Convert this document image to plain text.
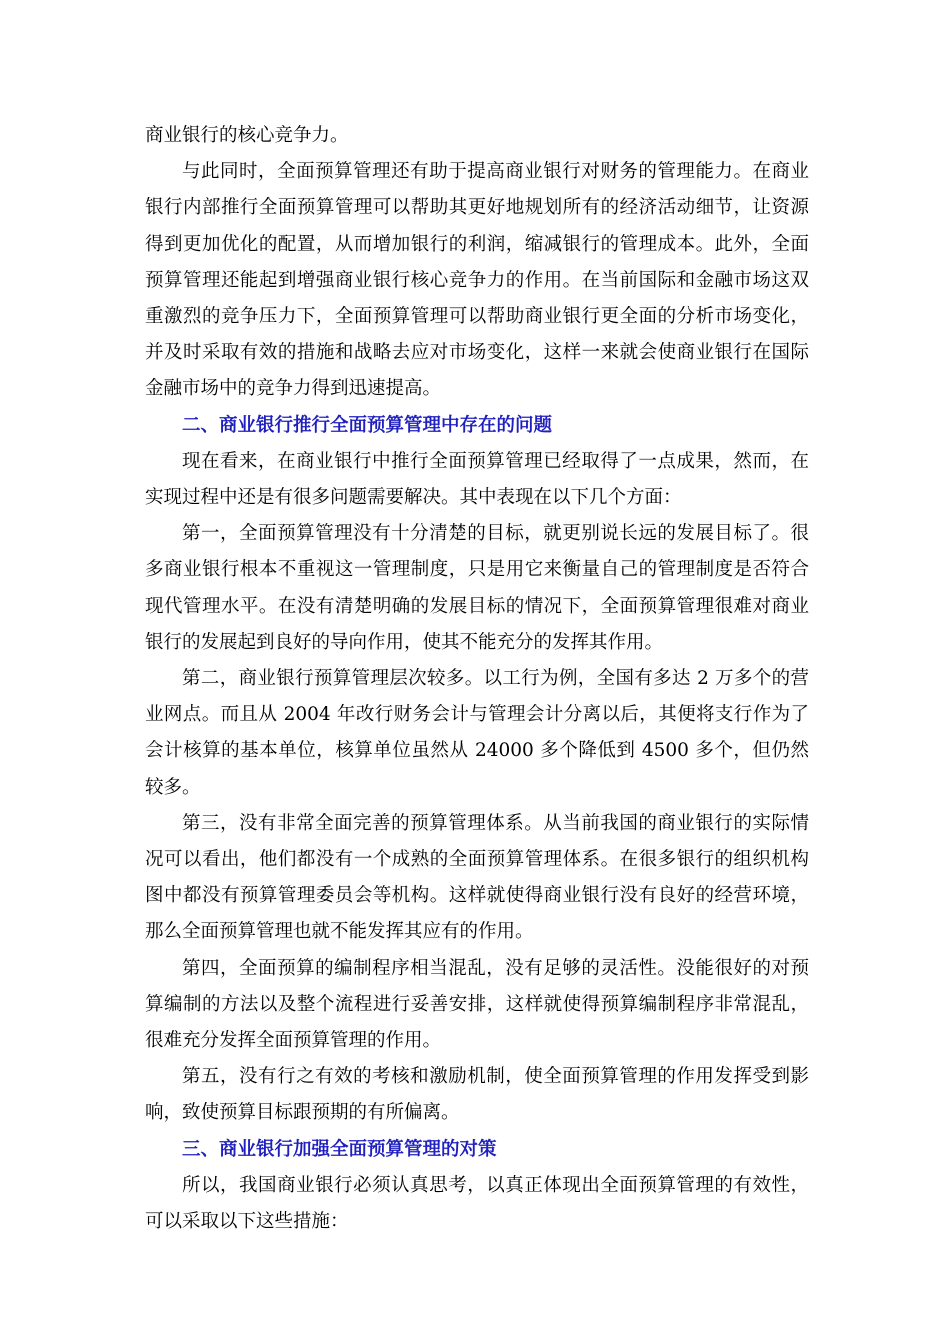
商业银行的核心竞争力。

与此同时，全面预算管理还有助于提高商业银行对财务的管理能力。在商业银行内部推行全面预算管理可以帮助其更好地规划所有的经济活动细节，让资源得到更加优化的配置，从而增加银行的利润，缩减银行的管理成本。此外，全面预算管理还能起到增强商业银行核心竞争力的作用。在当前国际和金融市场这双重激烈的竞争压力下，全面预算管理可以帮助商业银行更全面的分析市场变化，并及时采取有效的措施和战略去应对市场变化，这样一来就会使商业银行在国际金融市场中的竞争力得到迅速提高。

二、商业银行推行全面预算管理中存在的问题

现在看来，在商业银行中推行全面预算管理已经取得了一点成果，然而，在实现过程中还是有很多问题需要解决。其中表现在以下几个方面：

第一，全面预算管理没有十分清楚的目标，就更别说长远的发展目标了。很多商业银行根本不重视这一管理制度，只是用它来衡量自己的管理制度是否符合现代管理水平。在没有清楚明确的发展目标的情况下，全面预算管理很难对商业银行的发展起到良好的导向作用，使其不能充分的发挥其作用。

第二，商业银行预算管理层次较多。以工行为例，全国有多达 2 万多个的营业网点。而且从 2004 年改行财务会计与管理会计分离以后，其便将支行作为了会计核算的基本单位，核算单位虽然从 24000 多个降低到 4500 多个，但仍然较多。

第三，没有非常全面完善的预算管理体系。从当前我国的商业银行的实际情况可以看出，他们都没有一个成熟的全面预算管理体系。在很多银行的组织机构图中都没有预算管理委员会等机构。这样就使得商业银行没有良好的经营环境，那么全面预算管理也就不能发挥其应有的作用。

第四，全面预算的编制程序相当混乱，没有足够的灵活性。没能很好的对预算编制的方法以及整个流程进行妥善安排，这样就使得预算编制程序非常混乱，很难充分发挥全面预算管理的作用。

第五，没有行之有效的考核和激励机制，使全面预算管理的作用发挥受到影响，致使预算目标跟预期的有所偏离。

三、商业银行加强全面预算管理的对策

所以，我国商业银行必须认真思考，以真正体现出全面预算管理的有效性，可以采取以下这些措施：
